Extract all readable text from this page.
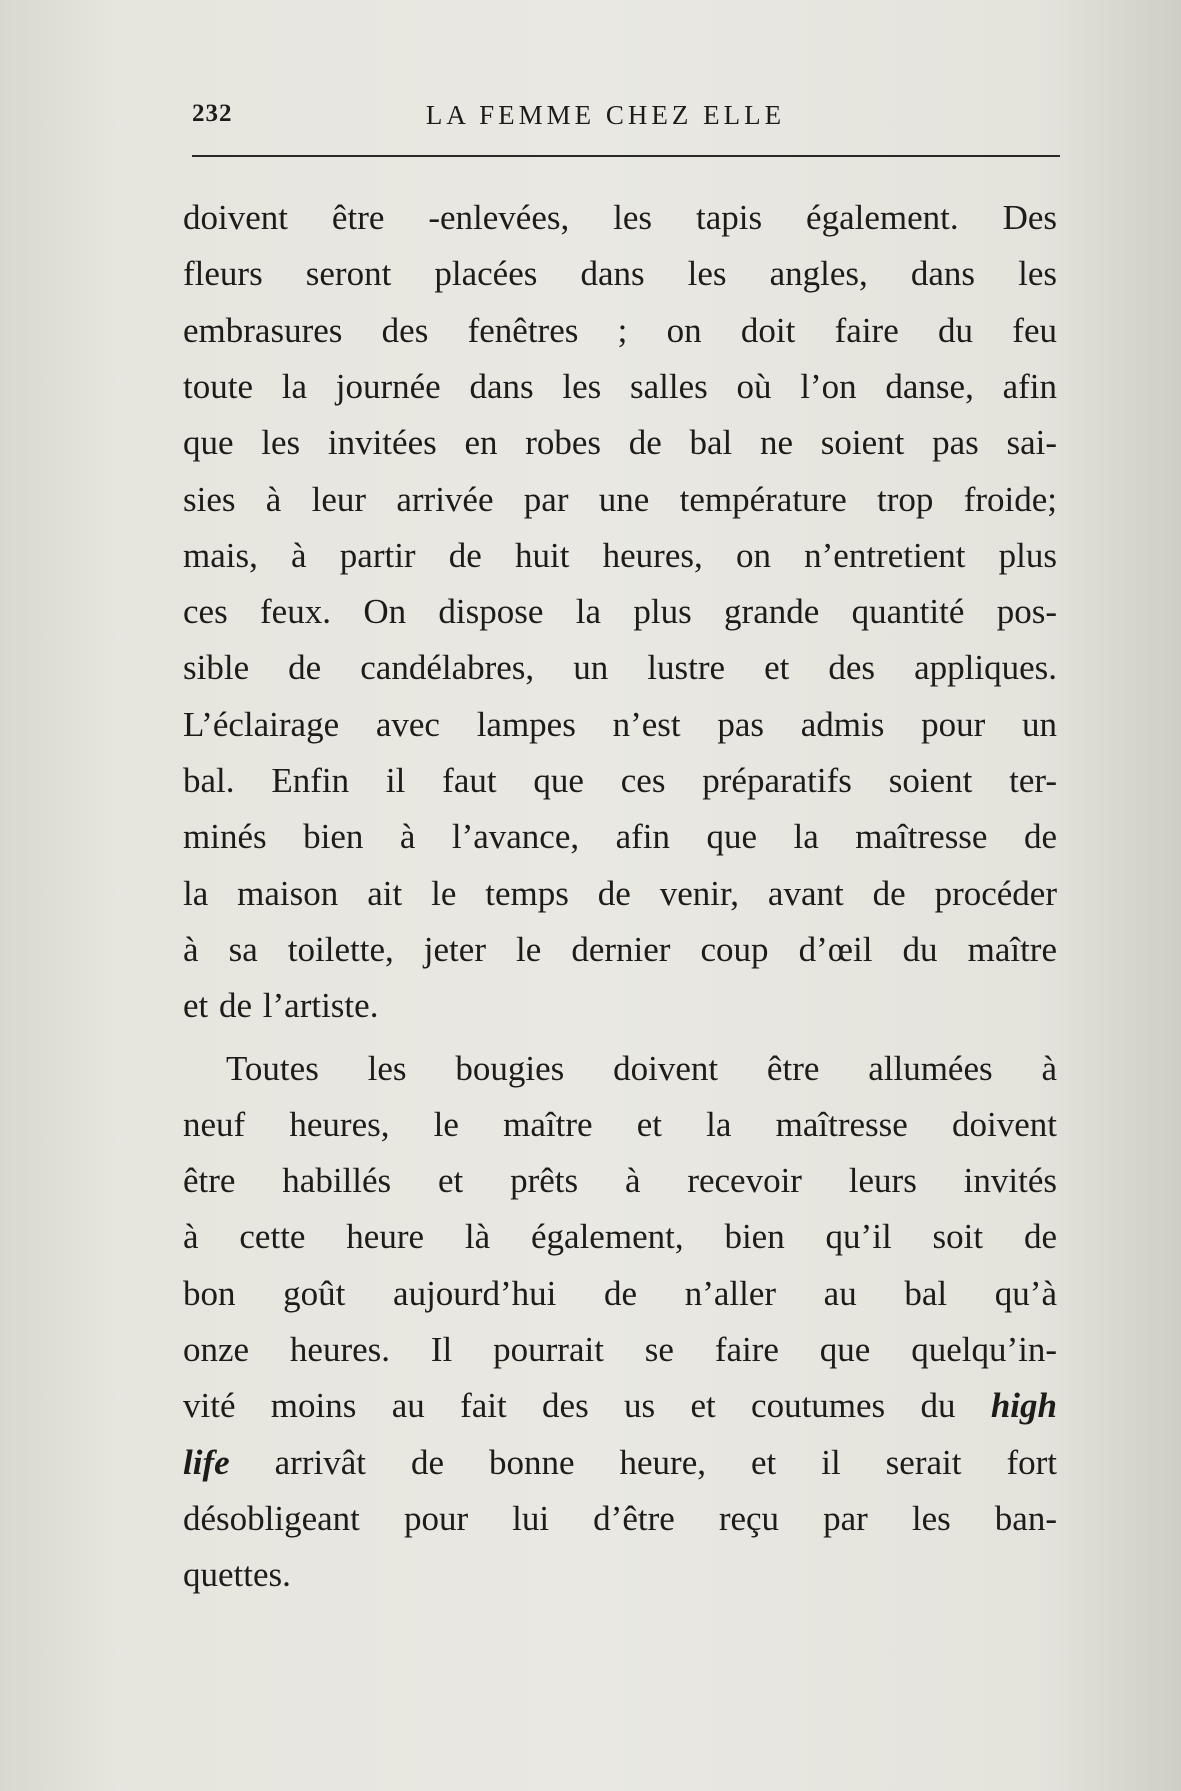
232	LA FEMME CHEZ ELLE
doivent être -enlevées, les tapis également. Des
fleurs seront placées dans les angles, dans les
embrasures des fenêtres ; on doit faire du feu
toute la journée dans les salles où l’on danse, afin
que les invitées en robes de bal ne soient pas sai-
sies à leur arrivée par une température trop froide;
mais, à partir de huit heures, on n’entretient plus
ces feux. On dispose la plus grande quantité pos-
sible de candélabres, un lustre et des appliques.
L’éclairage avec lampes n’est pas admis pour un
bal. Enfin il faut que ces préparatifs soient ter-
minés bien à l’avance, afin que la maîtresse de
la maison ait le temps de venir, avant de procéder
à sa toilette, jeter le dernier coup d’œil du maître
et de l’artiste.
Toutes les bougies doivent être allumées à
neuf heures, le maître et la maîtresse doivent
être habillés et prêts à recevoir leurs invités
à cette heure là également, bien qu’il soit de
bon goût aujourd’hui de n’aller au bal qu’à
onze heures. Il pourrait se faire que quelqu’in-
vité moins au fait des us et coutumes du high
life arrivât de bonne heure, et il serait fort
désobligeant pour lui d’être reçu par les ban-
quettes.
